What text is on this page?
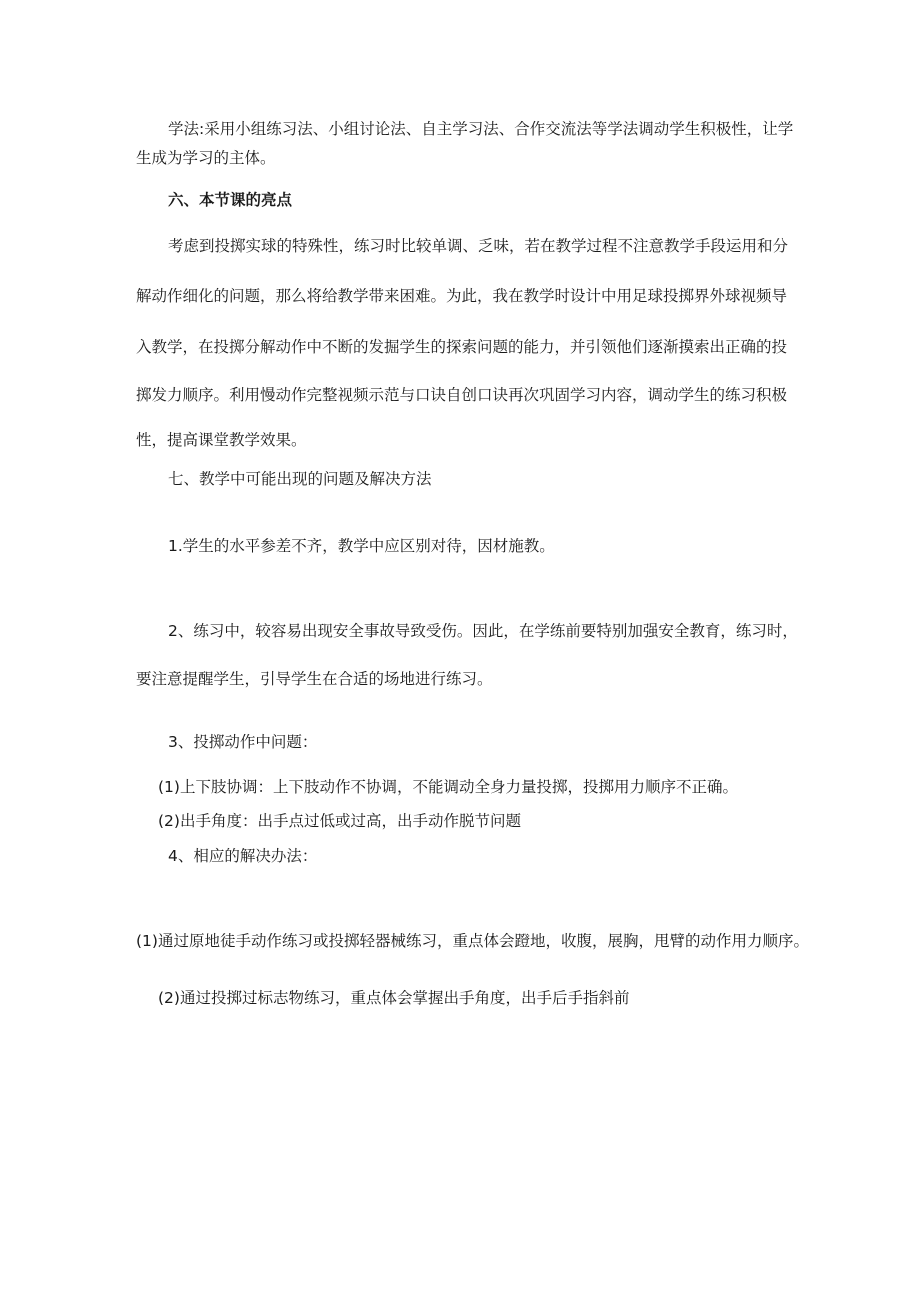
学法:采用小组练习法、小组讨论法、自主学习法、合作交流法等学法调动学生积极性，让学
生成为学习的主体。
六、本节课的亮点
考虑到投掷实球的特殊性，练习时比较单调、乏味，若在教学过程不注意教学手段运用和分
解动作细化的问题，那么将给教学带来困难。为此，我在教学时设计中用足球投掷界外球视频导
入教学，在投掷分解动作中不断的发掘学生的探索问题的能力，并引领他们逐渐摸索出正确的投
掷发力顺序。利用慢动作完整视频示范与口诀自创口诀再次巩固学习内容，调动学生的练习积极
性，提高课堂教学效果。
七、教学中可能出现的问题及解决方法
1.学生的水平参差不齐，教学中应区别对待，因材施教。
2、练习中，较容易出现安全事故导致受伤。因此，在学练前要特别加强安全教育，练习时，
要注意提醒学生，引导学生在合适的场地进行练习。
3、投掷动作中问题：
(1)上下肢协调：上下肢动作不协调，不能调动全身力量投掷，投掷用力顺序不正确。
(2)出手角度：出手点过低或过高，出手动作脱节问题
4、相应的解决办法：
(1)通过原地徒手动作练习或投掷轻器械练习，重点体会蹬地，收腹，展胸，甩臂的动作用力顺序。
(2)通过投掷过标志物练习，重点体会掌握出手角度，出手后手指斜前
